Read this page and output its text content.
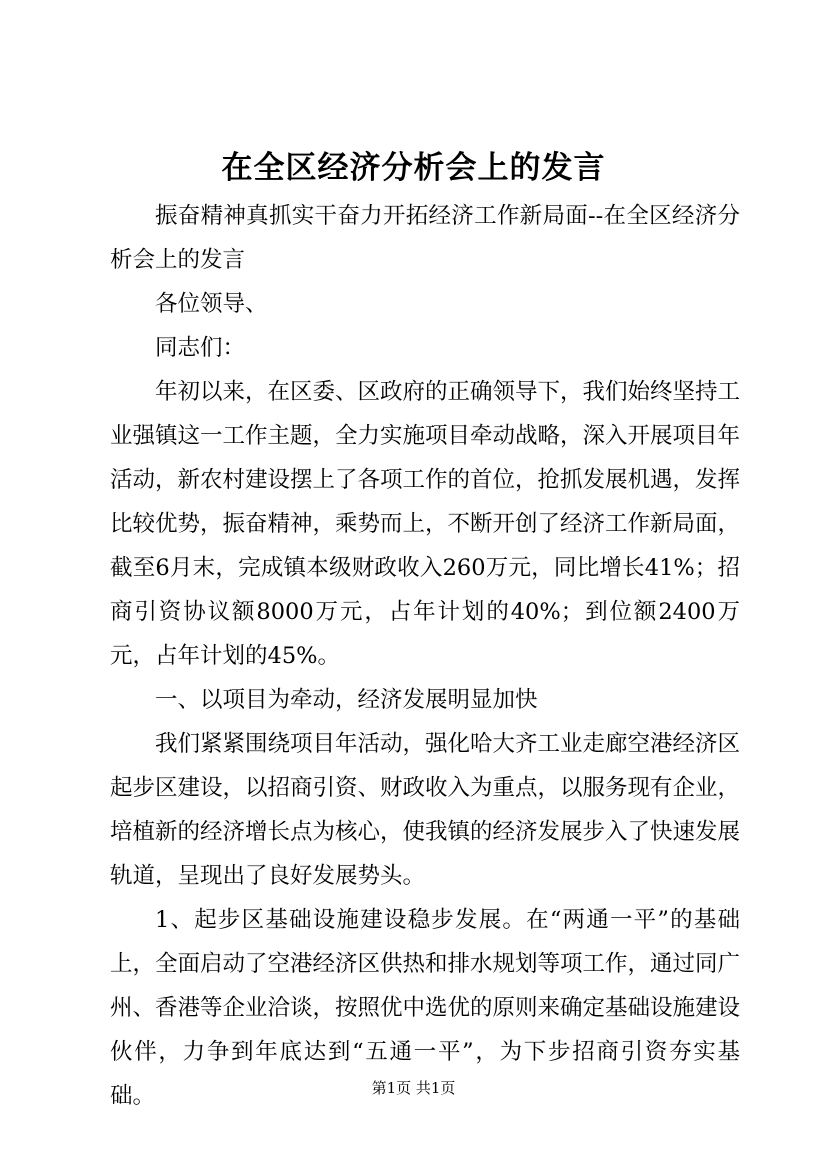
在全区经济分析会上的发言

振奋精神真抓实干奋力开拓经济工作新局面--在全区经济分析会上的发言

各位领导、

同志们：

年初以来，在区委、区政府的正确领导下，我们始终坚持工业强镇这一工作主题，全力实施项目牵动战略，深入开展项目年活动，新农村建设摆上了各项工作的首位，抢抓发展机遇，发挥比较优势，振奋精神，乘势而上，不断开创了经济工作新局面，截至6月末，完成镇本级财政收入260万元，同比增长41%；招商引资协议额8000万元，占年计划的40%；到位额2400万元，占年计划的45%。

一、以项目为牵动，经济发展明显加快

我们紧紧围绕项目年活动，强化哈大齐工业走廊空港经济区起步区建设，以招商引资、财政收入为重点，以服务现有企业，培植新的经济增长点为核心，使我镇的经济发展步入了快速发展轨道，呈现出了良好发展势头。

1、起步区基础设施建设稳步发展。在“两通一平”的基础上，全面启动了空港经济区供热和排水规划等项工作，通过同广州、香港等企业洽谈，按照优中选优的原则来确定基础设施建设伙伴，力争到年底达到“五通一平”，为下步招商引资夯实基础。	第1页 共1页
